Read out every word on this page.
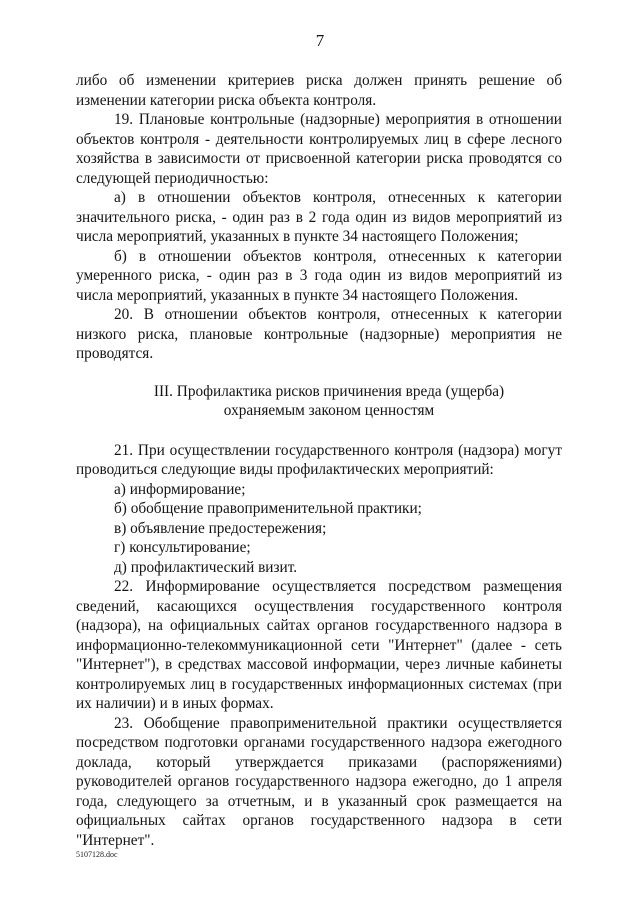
7

либо об изменении критериев риска должен принять решение об изменении категории риска объекта контроля.

19. Плановые контрольные (надзорные) мероприятия в отношении объектов контроля - деятельности контролируемых лиц в сфере лесного хозяйства в зависимости от присвоенной категории риска проводятся со следующей периодичностью:

а) в отношении объектов контроля, отнесенных к категории значительного риска, - один раз в 2 года один из видов мероприятий из числа мероприятий, указанных в пункте 34 настоящего Положения;

б) в отношении объектов контроля, отнесенных к категории умеренного риска, - один раз в 3 года один из видов мероприятий из числа мероприятий, указанных в пункте 34 настоящего Положения.

20. В отношении объектов контроля, отнесенных к категории низкого риска, плановые контрольные (надзорные) мероприятия не проводятся.

III. Профилактика рисков причинения вреда (ущерба)

охраняемым законом ценностям

21. При осуществлении государственного контроля (надзора) могут проводиться следующие виды профилактических мероприятий:

а) информирование;

б) обобщение правоприменительной практики;

в) объявление предостережения;

г) консультирование;

д) профилактический визит.

22. Информирование осуществляется посредством размещения сведений, касающихся осуществления государственного контроля (надзора), на официальных сайтах органов государственного надзора в информационно-телекоммуникационной сети "Интернет" (далее - сеть "Интернет"), в средствах массовой информации, через личные кабинеты контролируемых лиц в государственных информационных системах (при их наличии) и в иных формах.

23. Обобщение правоприменительной практики осуществляется посредством подготовки органами государственного надзора ежегодного доклада, который утверждается приказами (распоряжениями) руководителей органов государственного надзора ежегодно, до 1 апреля года, следующего за отчетным, и в указанный срок размещается на официальных сайтах органов государственного надзора в сети "Интернет".

5107128.doc
